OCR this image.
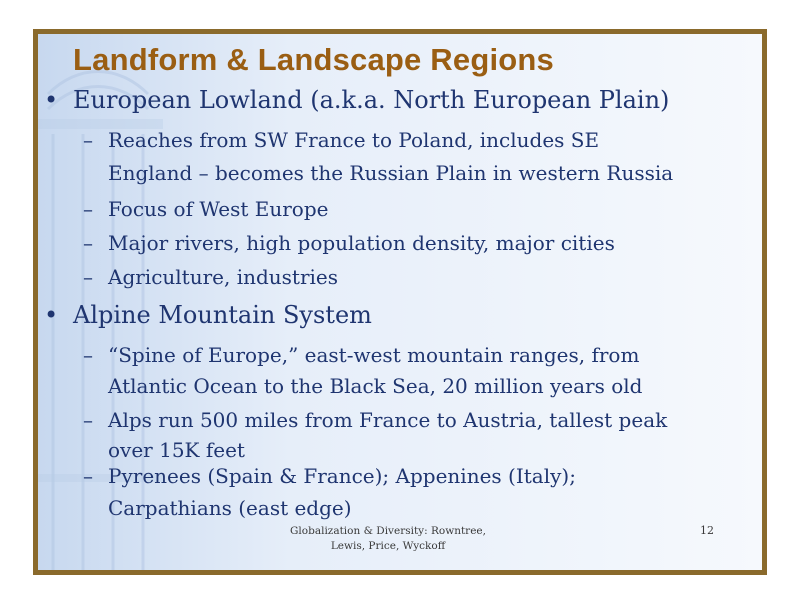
Landform & Landscape Regions
• European Lowland (a.k.a. North European Plain)
– Reaches from SW France to Poland, includes SE
England – becomes the Russian Plain in western Russia
– Focus of West Europe
– Major rivers, high population density, major cities
– Agriculture, industries
• Alpine Mountain System
– “Spine of Europe,” east-west mountain ranges, from
Atlantic Ocean to the Black Sea, 20 million years old
– Alps run 500 miles from France to Austria, tallest peak
over 15K feet
– Pyrenees (Spain & France); Appenines (Italy);
Carpathians (east edge)
Globalization & Diversity: Rowntree,
Lewis, Price, Wyckoff
12
